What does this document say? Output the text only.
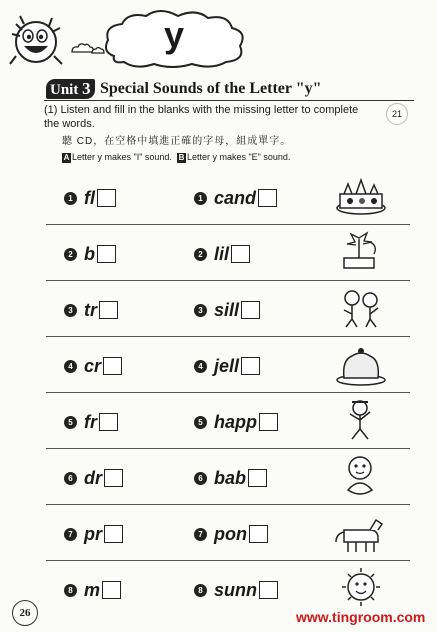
y
Unit 3 Special Sounds of the Letter "y"
(1) Listen and fill in the blanks with the missing letter to complete the words.
21
聽 CD，在空格中填進正確的字母，組成單字。
A Letter y makes "I" sound. B Letter y makes "E" sound.
1 fl	1 cand
2 b	2 lil
3 tr	3 sill
4 cr	4 jell
5 fr	5 happ
6 dr	6 bab
7 pr	7 pon
8 m	8 sunn
26	www.tingroom.com
